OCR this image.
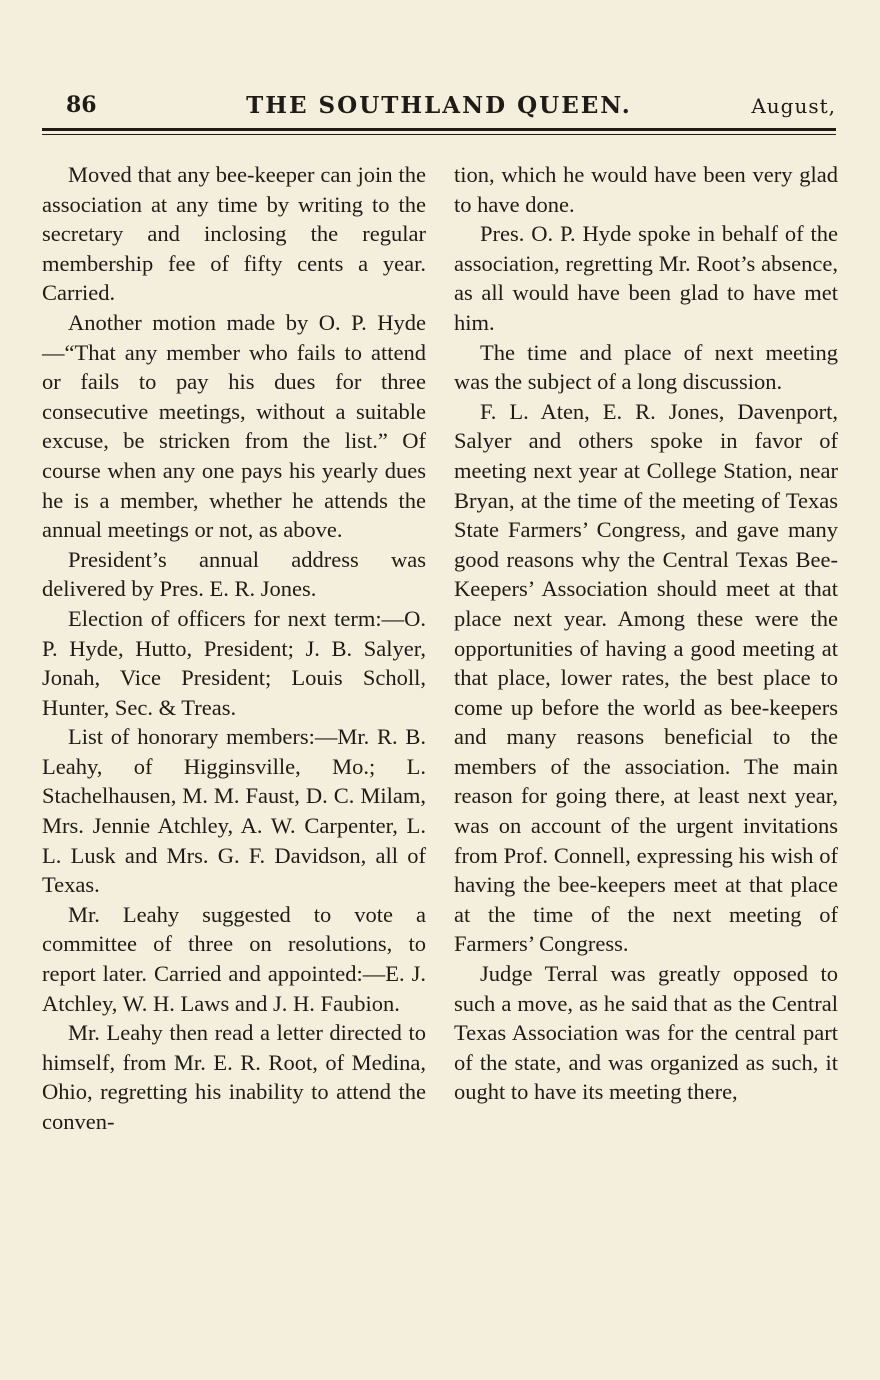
86	THE SOUTHLAND QUEEN.	August,

Moved that any bee-keeper can join the association at any time by writing to the secretary and inclosing the regular membership fee of fifty cents a year. Carried.

Another motion made by O. P. Hyde—“That any member who fails to attend or fails to pay his dues for three consecutive meetings, without a suitable excuse, be stricken from the list.” Of course when any one pays his yearly dues he is a member, whether he attends the annual meetings or not, as above.

President’s annual address was delivered by Pres. E. R. Jones.

Election of officers for next term:—O. P. Hyde, Hutto, President; J. B. Salyer, Jonah, Vice President; Louis Scholl, Hunter, Sec. & Treas.

List of honorary members:—Mr. R. B. Leahy, of Higginsville, Mo.; L. Stachelhausen, M. M. Faust, D. C. Milam, Mrs. Jennie Atchley, A. W. Carpenter, L. L. Lusk and Mrs. G. F. Davidson, all of Texas.

Mr. Leahy suggested to vote a committee of three on resolutions, to report later. Carried and appointed:—E. J. Atchley, W. H. Laws and J. H. Faubion.

Mr. Leahy then read a letter directed to himself, from Mr. E. R. Root, of Medina, Ohio, regretting his inability to attend the conven-

tion, which he would have been very glad to have done.

Pres. O. P. Hyde spoke in behalf of the association, regretting Mr. Root’s absence, as all would have been glad to have met him.

The time and place of next meeting was the subject of a long discussion.

F. L. Aten, E. R. Jones, Davenport, Salyer and others spoke in favor of meeting next year at College Station, near Bryan, at the time of the meeting of Texas State Farmers’ Congress, and gave many good reasons why the Central Texas Bee-Keepers’ Association should meet at that place next year. Among these were the opportunities of having a good meeting at that place, lower rates, the best place to come up before the world as bee-keepers and many reasons beneficial to the members of the association. The main reason for going there, at least next year, was on account of the urgent invitations from Prof. Connell, expressing his wish of having the bee-keepers meet at that place at the time of the next meeting of Farmers’ Congress.

Judge Terral was greatly opposed to such a move, as he said that as the Central Texas Association was for the central part of the state, and was organized as such, it ought to have its meeting there,
